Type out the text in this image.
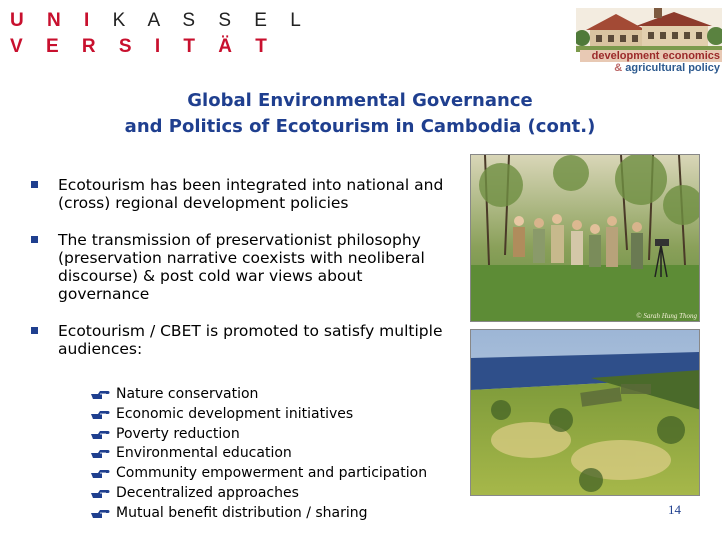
U N I K A S S E L
V E R S I T Ä T	development economics
& agricultural policy
Global Environmental Governance
and Politics of Ecotourism in Cambodia (cont.)
Ecotourism has been integrated into national and (cross) regional development policies
The transmission of preservationist philosophy (preservation narrative coexists with neoliberal discourse) & post cold war views about governance
Ecotourism / CBET is promoted to satisfy multiple audiences:
Nature conservation
Economic development initiatives
Poverty reduction
Environmental education
Community empowerment and participation
Decentralized approaches
Mutual benefit distribution / sharing
© Sarah Hung Thong
14
